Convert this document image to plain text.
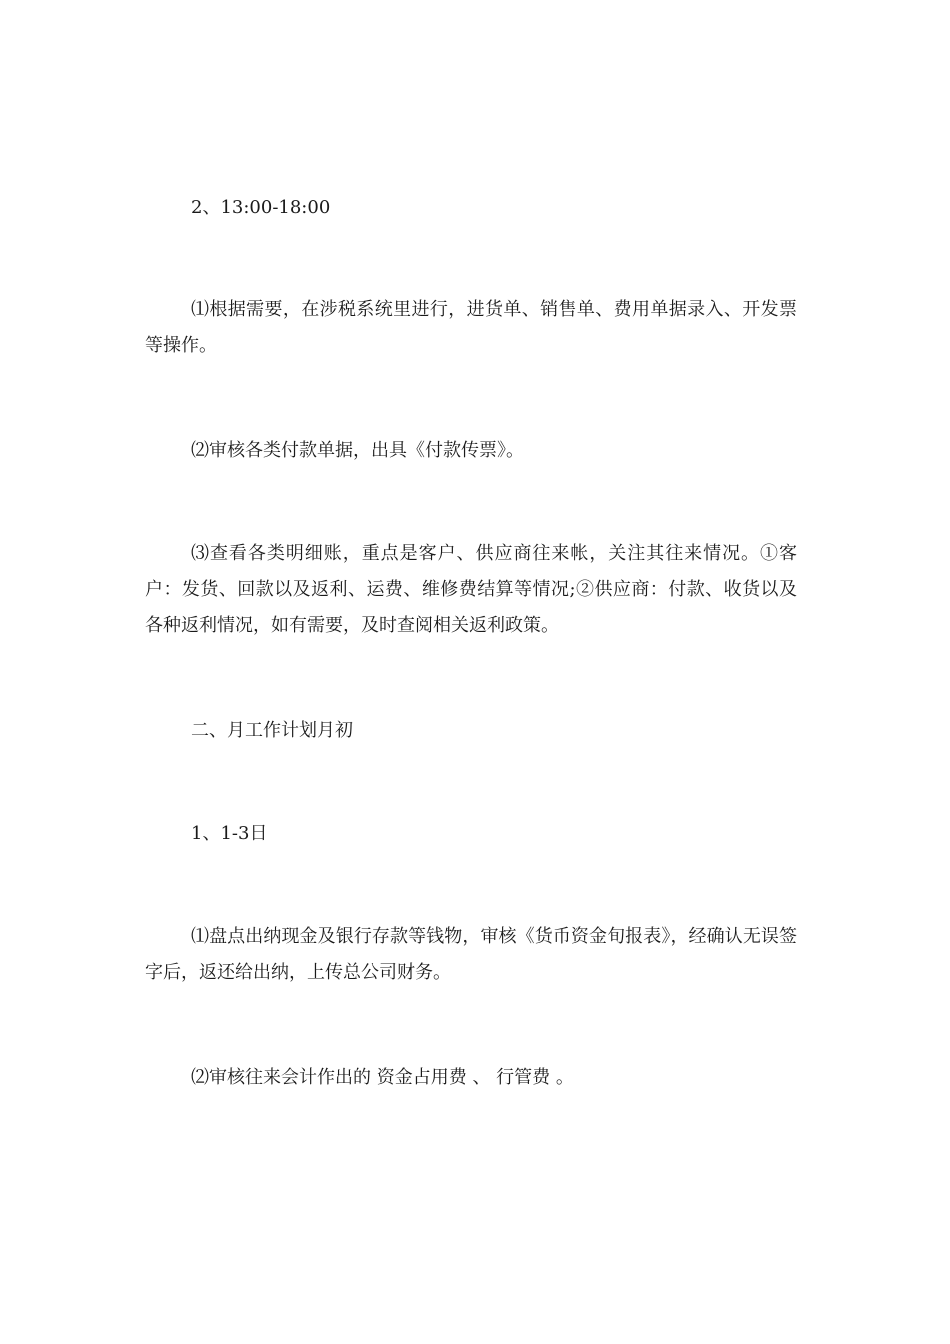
2、13:00-18:00

⑴根据需要，在涉税系统里进行，进货单、销售单、费用单据录入、开发票等操作。

⑵审核各类付款单据，出具《付款传票》。

⑶查看各类明细账，重点是客户、供应商往来帐，关注其往来情况。①客户：发货、回款以及返利、运费、维修费结算等情况;②供应商：付款、收货以及各种返利情况，如有需要，及时查阅相关返利政策。

二、月工作计划月初

1、1-3日

⑴盘点出纳现金及银行存款等钱物，审核《货币资金旬报表》，经确认无误签字后，返还给出纳，上传总公司财务。

⑵审核往来会计作出的 资金占用费 、 行管费 。
